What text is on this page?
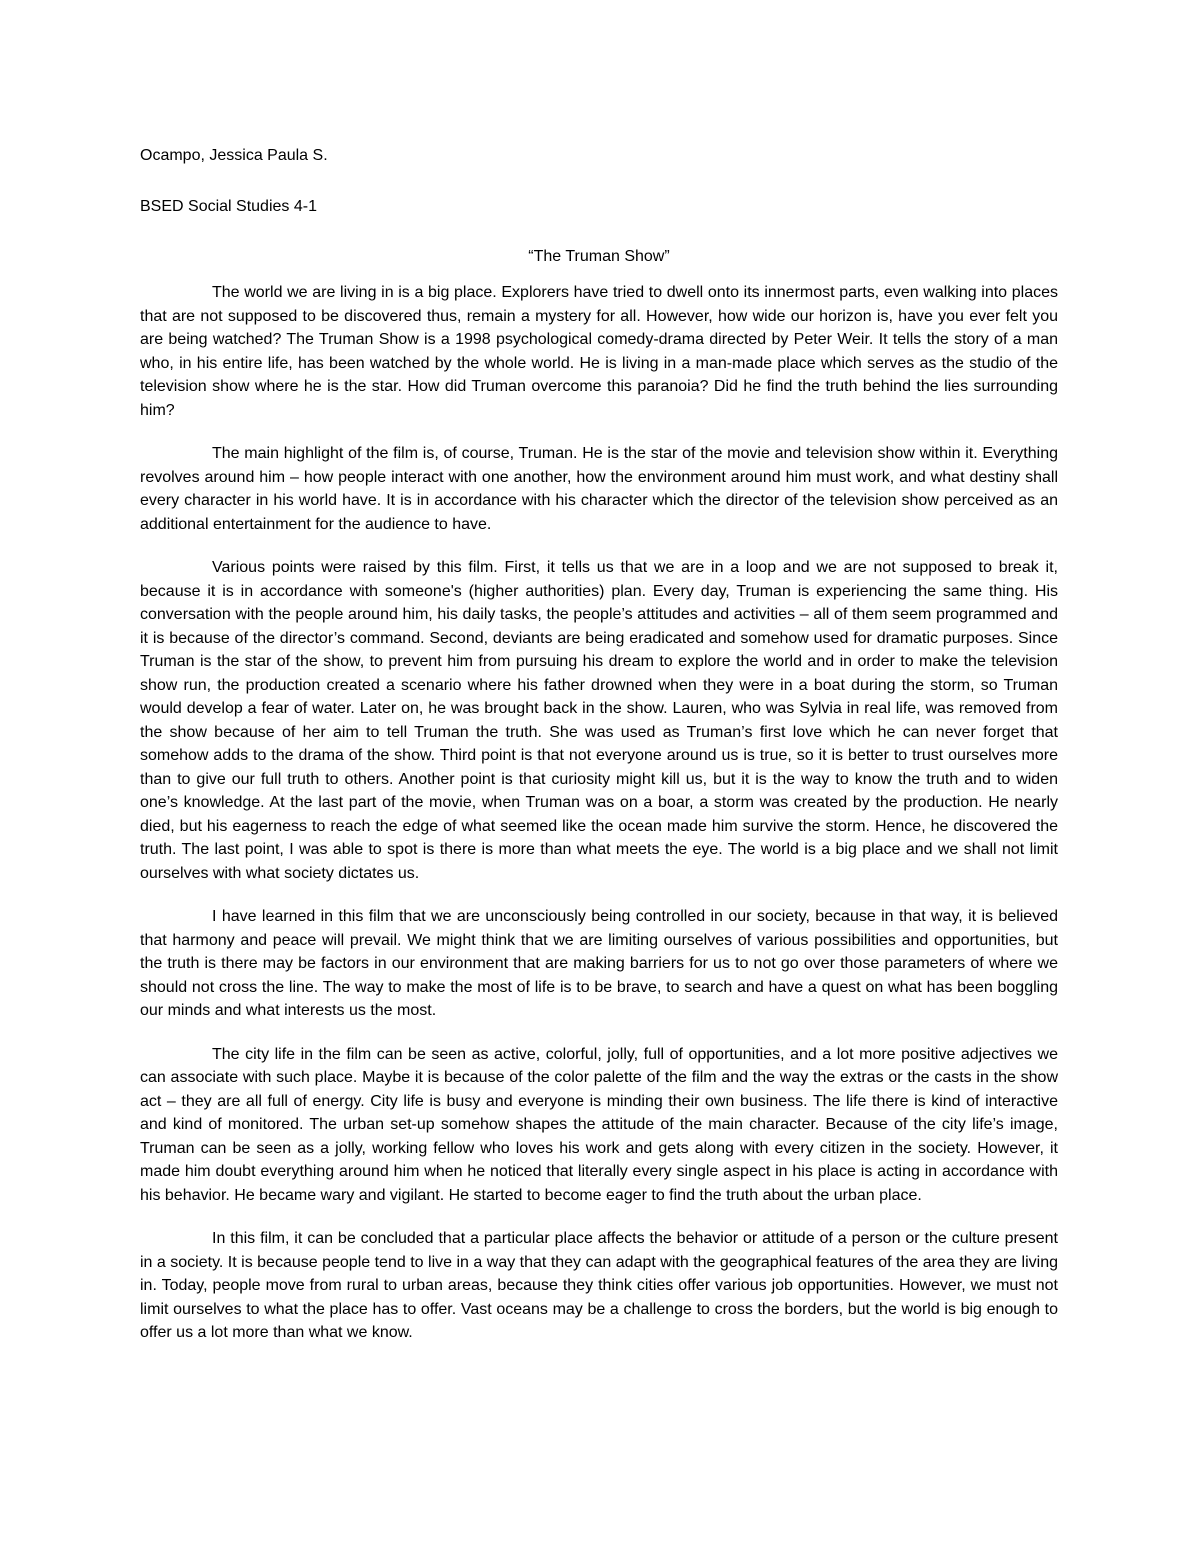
Ocampo, Jessica Paula S.

BSED Social Studies 4-1

“The Truman Show”

The world we are living in is a big place. Explorers have tried to dwell onto its innermost parts, even walking into places that are not supposed to be discovered thus, remain a mystery for all. However, how wide our horizon is, have you ever felt you are being watched? The Truman Show is a 1998 psychological comedy-drama directed by Peter Weir. It tells the story of a man who, in his entire life, has been watched by the whole world. He is living in a man-made place which serves as the studio of the television show where he is the star. How did Truman overcome this paranoia? Did he find the truth behind the lies surrounding him?

The main highlight of the film is, of course, Truman. He is the star of the movie and television show within it. Everything revolves around him – how people interact with one another, how the environment around him must work, and what destiny shall every character in his world have. It is in accordance with his character which the director of the television show perceived as an additional entertainment for the audience to have.

Various points were raised by this film. First, it tells us that we are in a loop and we are not supposed to break it, because it is in accordance with someone's (higher authorities) plan. Every day, Truman is experiencing the same thing. His conversation with the people around him, his daily tasks, the people’s attitudes and activities – all of them seem programmed and it is because of the director’s command. Second, deviants are being eradicated and somehow used for dramatic purposes. Since Truman is the star of the show, to prevent him from pursuing his dream to explore the world and in order to make the television show run, the production created a scenario where his father drowned when they were in a boat during the storm, so Truman would develop a fear of water. Later on, he was brought back in the show. Lauren, who was Sylvia in real life, was removed from the show because of her aim to tell Truman the truth. She was used as Truman’s first love which he can never forget that somehow adds to the drama of the show. Third point is that not everyone around us is true, so it is better to trust ourselves more than to give our full truth to others. Another point is that curiosity might kill us, but it is the way to know the truth and to widen one’s knowledge. At the last part of the movie, when Truman was on a boar, a storm was created by the production. He nearly died, but his eagerness to reach the edge of what seemed like the ocean made him survive the storm. Hence, he discovered the truth. The last point, I was able to spot is there is more than what meets the eye. The world is a big place and we shall not limit ourselves with what society dictates us.

I have learned in this film that we are unconsciously being controlled in our society, because in that way, it is believed that harmony and peace will prevail. We might think that we are limiting ourselves of various possibilities and opportunities, but the truth is there may be factors in our environment that are making barriers for us to not go over those parameters of where we should not cross the line. The way to make the most of life is to be brave, to search and have a quest on what has been boggling our minds and what interests us the most.

The city life in the film can be seen as active, colorful, jolly, full of opportunities, and a lot more positive adjectives we can associate with such place. Maybe it is because of the color palette of the film and the way the extras or the casts in the show act – they are all full of energy. City life is busy and everyone is minding their own business. The life there is kind of interactive and kind of monitored. The urban set-up somehow shapes the attitude of the main character. Because of the city life’s image, Truman can be seen as a jolly, working fellow who loves his work and gets along with every citizen in the society. However, it made him doubt everything around him when he noticed that literally every single aspect in his place is acting in accordance with his behavior. He became wary and vigilant. He started to become eager to find the truth about the urban place.

In this film, it can be concluded that a particular place affects the behavior or attitude of a person or the culture present in a society. It is because people tend to live in a way that they can adapt with the geographical features of the area they are living in. Today, people move from rural to urban areas, because they think cities offer various job opportunities. However, we must not limit ourselves to what the place has to offer. Vast oceans may be a challenge to cross the borders, but the world is big enough to offer us a lot more than what we know.
